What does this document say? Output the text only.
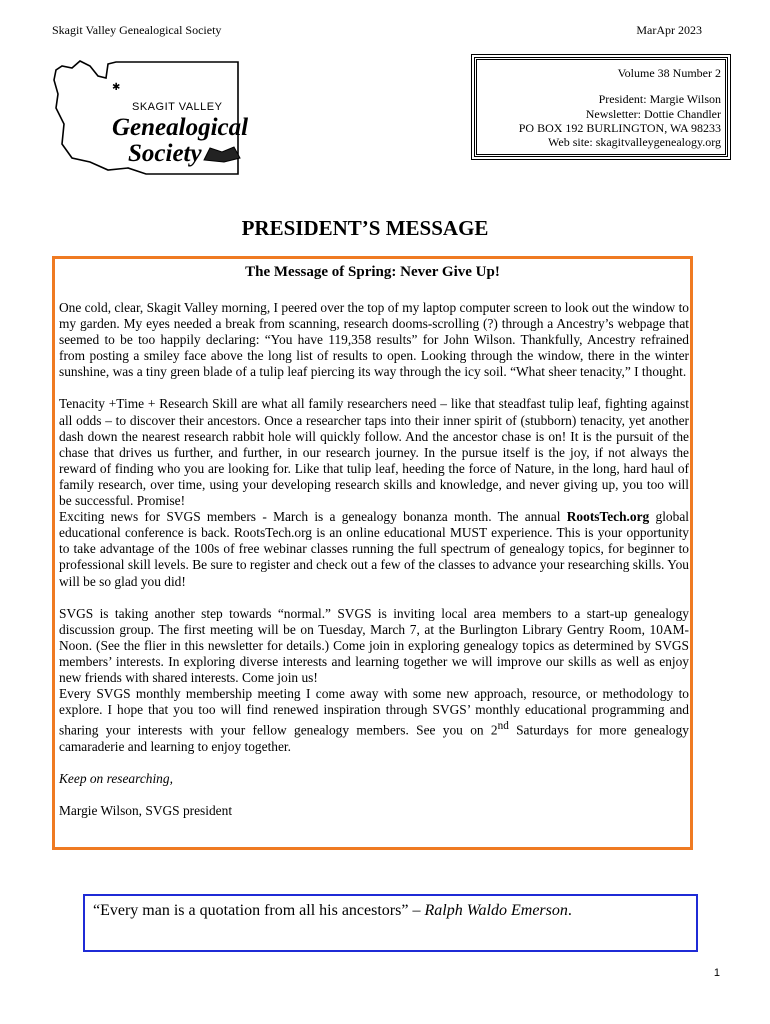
Skagit Valley Genealogical Society	MarApr 2023
✱
SKAGIT VALLEY
Genealogical
Society
Volume 38 Number 2
President: Margie Wilson
Newsletter: Dottie Chandler
PO BOX 192 BURLINGTON, WA 98233
Web site: skagitvalleygenealogy.org
PRESIDENT’S MESSAGE
The Message of Spring: Never Give Up!

One cold, clear, Skagit Valley morning, I peered over the top of my laptop computer screen to look out the window to my garden. My eyes needed a break from scanning, research dooms-scrolling (?) through a Ancestry’s webpage that seemed to be too happily declaring: “You have 119,358 results” for John Wilson. Thankfully, Ancestry refrained from posting a smiley face above the long list of results to open. Looking through the window, there in the winter sunshine, was a tiny green blade of a tulip leaf piercing its way through the icy soil. “What sheer tenacity,” I thought.

Tenacity +Time + Research Skill are what all family researchers need – like that steadfast tulip leaf, fighting against all odds – to discover their ancestors. Once a researcher taps into their inner spirit of (stubborn) tenacity, yet another dash down the nearest research rabbit hole will quickly follow. And the ancestor chase is on! It is the pursuit of the chase that drives us further, and further, in our research journey. In the pursue itself is the joy, if not always the reward of finding who you are looking for. Like that tulip leaf, heeding the force of Nature, in the long, hard haul of family research, over time, using your developing research skills and knowledge, and never giving up, you too will be successful. Promise!

Exciting news for SVGS members - March is a genealogy bonanza month. The annual RootsTech.org global educational conference is back. RootsTech.org is an online educational MUST experience. This is your opportunity to take advantage of the 100s of free webinar classes running the full spectrum of genealogy topics, for beginner to professional skill levels. Be sure to register and check out a few of the classes to advance your researching skills. You will be so glad you did!

SVGS is taking another step towards “normal.” SVGS is inviting local area members to a start-up genealogy discussion group. The first meeting will be on Tuesday, March 7, at the Burlington Library Gentry Room, 10AM-Noon. (See the flier in this newsletter for details.) Come join in exploring genealogy topics as determined by SVGS members’ interests. In exploring diverse interests and learning together we will improve our skills as well as enjoy new friends with shared interests. Come join us!

Every SVGS monthly membership meeting I come away with some new approach, resource, or methodology to explore. I hope that you too will find renewed inspiration through SVGS’ monthly educational programming and sharing your interests with your fellow genealogy members. See you on 2nd Saturdays for more genealogy camaraderie and learning to enjoy together.

Keep on researching,

Margie Wilson, SVGS president

“Every man is a quotation from all his ancestors” – Ralph Waldo Emerson.
1
